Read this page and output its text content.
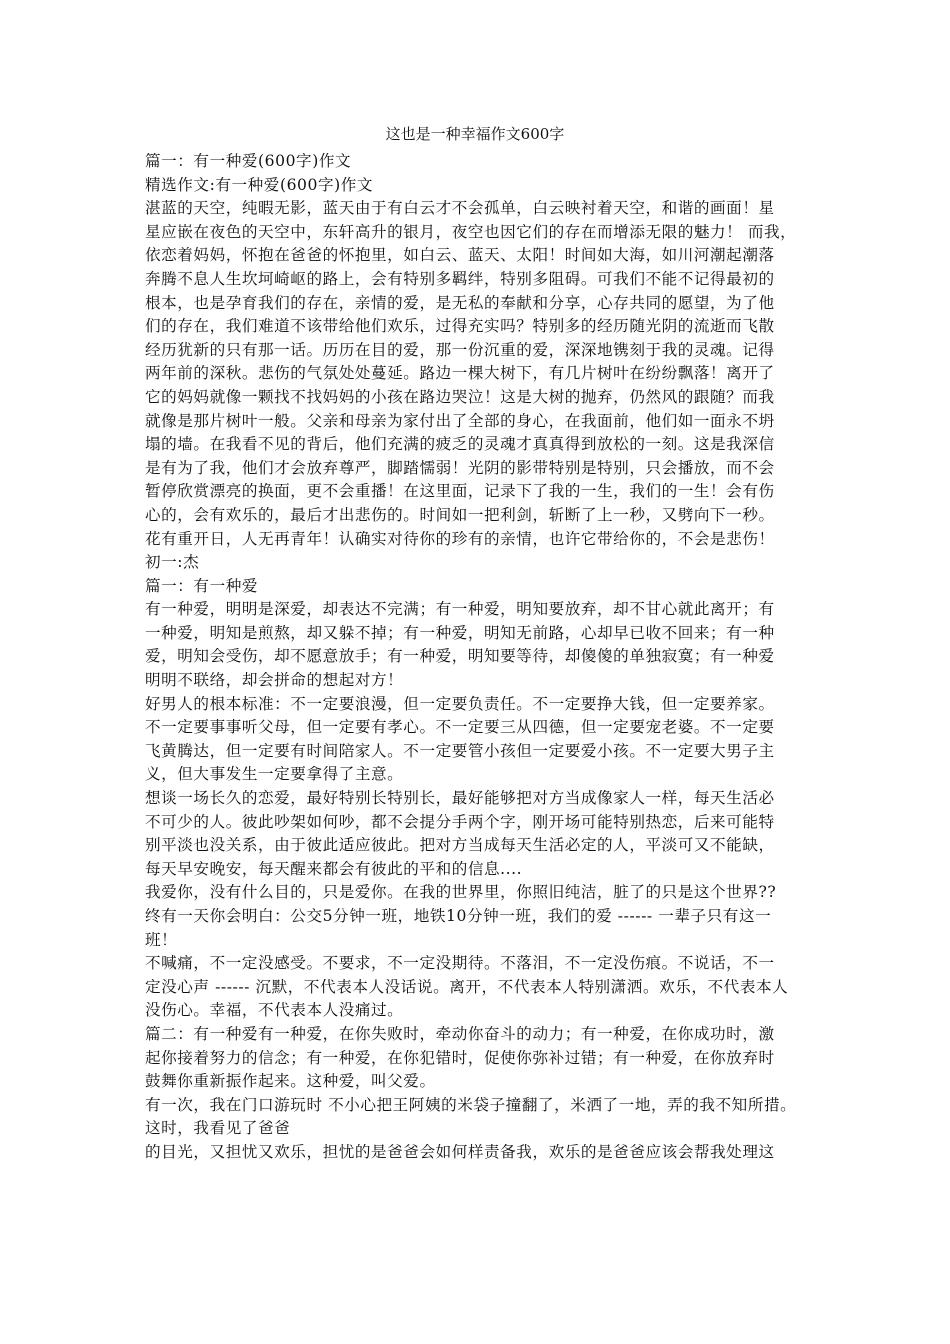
这也是一种幸福作文600字
篇一：有一种爱(600字)作文
精选作文:有一种爱(600字)作文
湛蓝的天空，纯暇无影，蓝天由于有白云才不会孤单，白云映衬着天空，和谐的画面！星
星应嵌在夜色的天空中，东轩高升的银月，夜空也因它们的存在而增添无限的魅力！ 而我，
依恋着妈妈，怀抱在爸爸的怀抱里，如白云、蓝天、太阳！时间如大海，如川河潮起潮落
奔腾不息人生坎坷崎岖的路上，会有特别多羁绊，特别多阻碍。可我们不能不记得最初的
根本，也是孕育我们的存在，亲情的爱，是无私的奉献和分享，心存共同的愿望，为了他
们的存在，我们难道不该带给他们欢乐，过得充实吗？特别多的经历随光阴的流逝而飞散
经历犹新的只有那一话。历历在目的爱，那一份沉重的爱，深深地镌刻于我的灵魂。记得
两年前的深秋。悲伤的气氛处处蔓延。路边一棵大树下，有几片树叶在纷纷飘落！离开了
它的妈妈就像一颗找不找妈妈的小孩在路边哭泣！这是大树的抛弃，仍然风的跟随？而我
就像是那片树叶一般。父亲和母亲为家付出了全部的身心，在我面前，他们如一面永不坍
塌的墙。在我看不见的背后，他们充满的疲乏的灵魂才真真得到放松的一刻。这是我深信
是有为了我，他们才会放弃尊严，脚踏懦弱！光阴的影带特别是特别，只会播放，而不会
暂停欣赏漂亮的换面，更不会重播！在这里面，记录下了我的一生，我们的一生！会有伤
心的，会有欢乐的，最后才出悲伤的。时间如一把利剑，斩断了上一秒，又劈向下一秒。
花有重开日，人无再青年！认确实对待你的珍有的亲情，也许它带给你的，不会是悲伤！
初一:杰
篇一：有一种爱
有一种爱，明明是深爱，却表达不完满；有一种爱，明知要放弃，却不甘心就此离开；有
一种爱，明知是煎熬，却又躲不掉；有一种爱，明知无前路，心却早已收不回来；有一种
爱，明知会受伤，却不愿意放手；有一种爱，明知要等待，却傻傻的单独寂寞；有一种爱
明明不联络，却会拼命的想起对方！
好男人的根本标准：不一定要浪漫，但一定要负责任。不一定要挣大钱，但一定要养家。
不一定要事事听父母，但一定要有孝心。不一定要三从四德，但一定要宠老婆。不一定要
飞黄腾达，但一定要有时间陪家人。不一定要管小孩但一定要爱小孩。不一定要大男子主
义，但大事发生一定要拿得了主意。
想谈一场长久的恋爱，最好特别长特别长，最好能够把对方当成像家人一样，每天生活必
不可少的人。彼此吵架如何吵，都不会提分手两个字，刚开场可能特别热恋，后来可能特
别平淡也没关系，由于彼此适应彼此。把对方当成每天生活必定的人，平淡可又不能缺，
每天早安晚安，每天醒来都会有彼此的平和的信息....
我爱你，没有什么目的，只是爱你。在我的世界里，你照旧纯洁，脏了的只是这个世界??
终有一天你会明白：公交5分钟一班，地铁10分钟一班，我们的爱 ------ 一辈子只有这一
班！
不喊痛，不一定没感受。不要求，不一定没期待。不落泪，不一定没伤痕。不说话，不一
定没心声 ------ 沉默，不代表本人没话说。离开，不代表本人特别潇洒。欢乐，不代表本人
没伤心。幸福，不代表本人没痛过。
篇二：有一种爱有一种爱，在你失败时，牵动你奋斗的动力；有一种爱，在你成功时，激
起你接着努力的信念；有一种爱，在你犯错时，促使你弥补过错；有一种爱，在你放弃时
鼓舞你重新振作起来。这种爱，叫父爱。
有一次，我在门口游玩时 不小心把王阿姨的米袋子撞翻了，米洒了一地，弄的我不知所措。
这时，我看见了爸爸
的目光，又担忧又欢乐，担忧的是爸爸会如何样责备我，欢乐的是爸爸应该会帮我处理这
